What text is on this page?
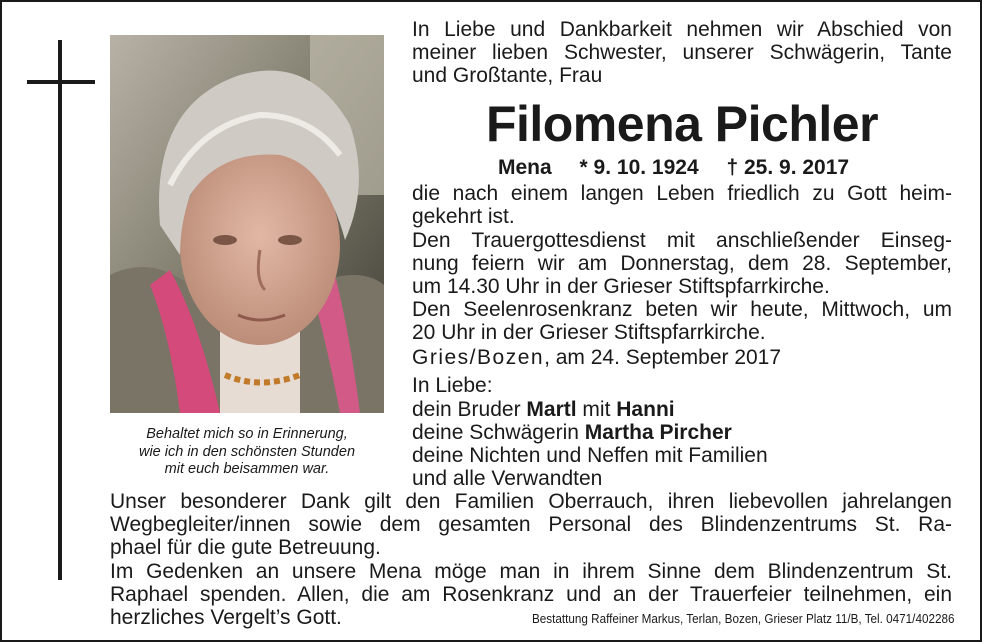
Behaltet mich so in Erinnerung,
wie ich in den schönsten Stunden
mit euch beisammen war.
In Liebe und Dankbarkeit nehmen wir Abschied von
meiner lieben Schwester, unserer Schwägerin, Tante
und Großtante, Frau
Filomena Pichler
Mena * 9. 10. 1924 † 25. 9. 2017
die nach einem langen Leben friedlich zu Gott heim-
gekehrt ist.
Den Trauergottesdienst mit anschließender Einseg-
nung feiern wir am Donnerstag, dem 28. September,
um 14.30 Uhr in der Grieser Stiftspfarrkirche.
Den Seelenrosenkranz beten wir heute, Mittwoch, um
20 Uhr in der Grieser Stiftspfarrkirche.
Gries/Bozen, am 24. September 2017
In Liebe:
dein Bruder Martl mit Hanni
deine Schwägerin Martha Pircher
deine Nichten und Neffen mit Familien
und alle Verwandten
Unser besonderer Dank gilt den Familien Oberrauch, ihren liebevollen jahrelangen
Wegbegleiter/innen sowie dem gesamten Personal des Blindenzentrums St. Ra-
phael für die gute Betreuung.
Im Gedenken an unsere Mena möge man in ihrem Sinne dem Blindenzentrum St.
Raphael spenden. Allen, die am Rosenkranz und an der Trauerfeier teilnehmen, ein
herzliches Vergelt’s Gott.	Bestattung Raffeiner Markus, Terlan, Bozen, Grieser Platz 11/B, Tel. 0471/402286
